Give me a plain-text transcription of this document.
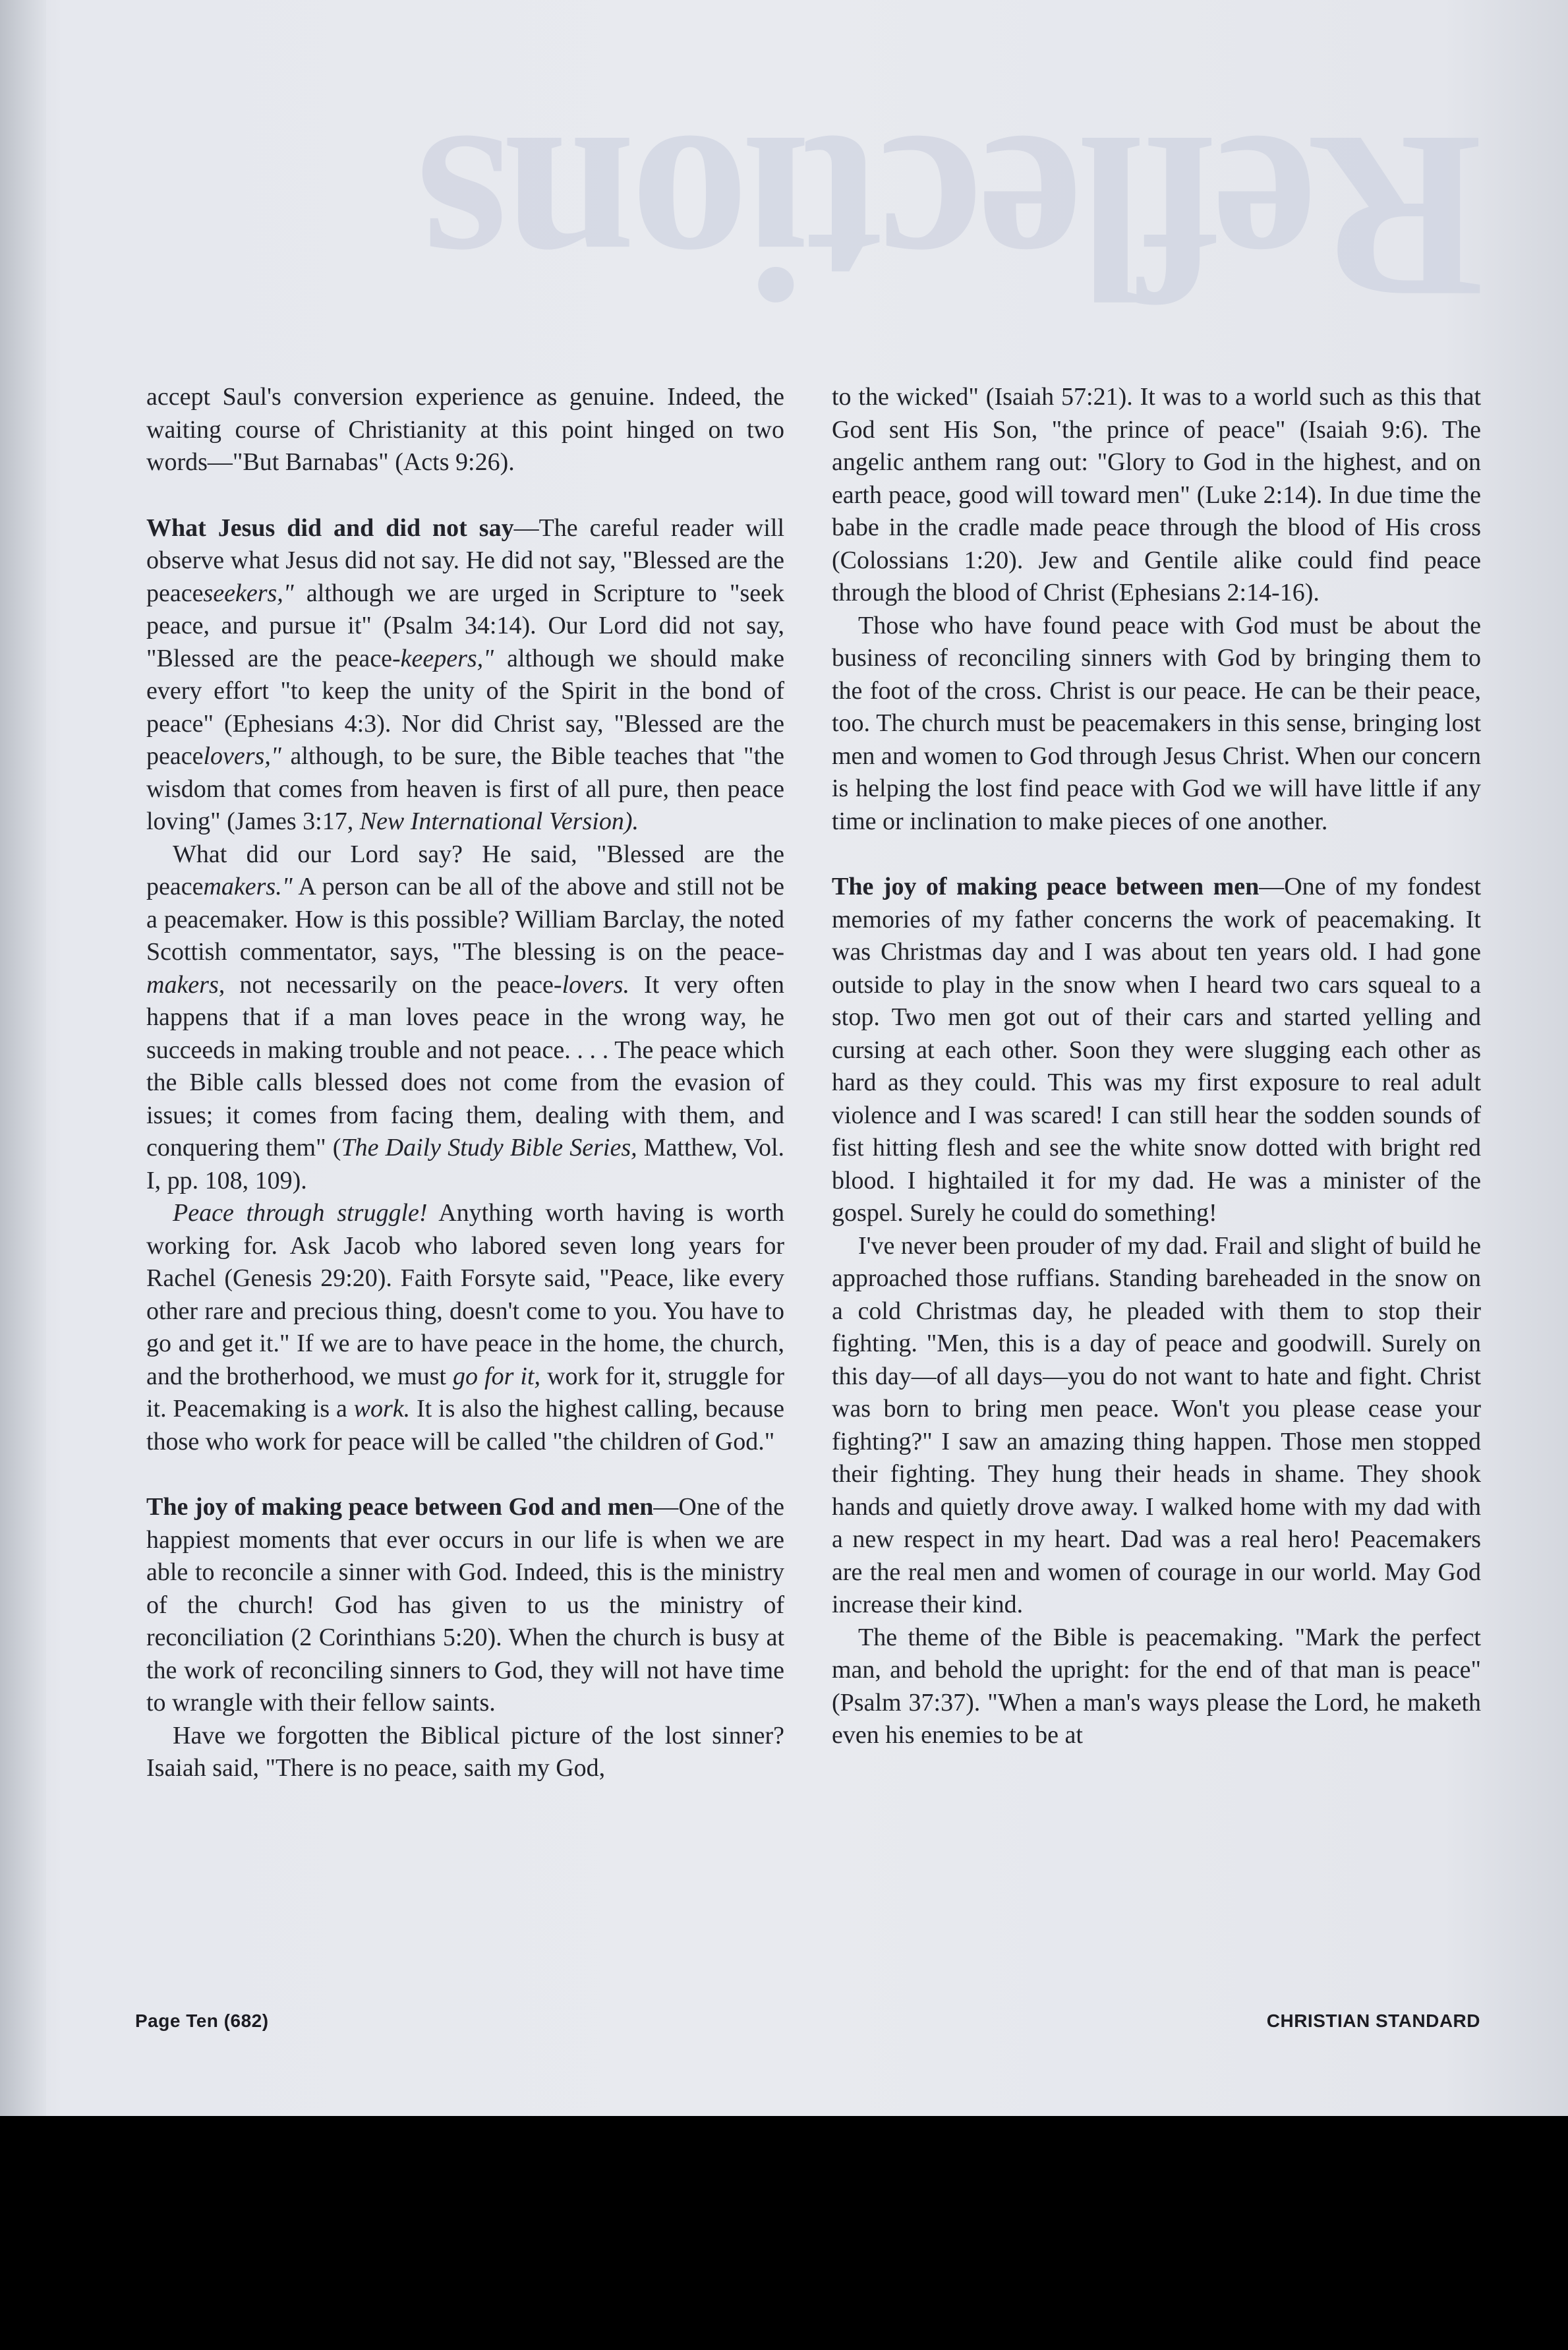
Reflections

accept Saul's conversion experience as genuine. Indeed, the waiting course of Christianity at this point hinged on two words—"But Barnabas" (Acts 9:26).

What Jesus did and did not say—The careful reader will observe what Jesus did not say. He did not say, "Blessed are the peaceseekers," although we are urged in Scripture to "seek peace, and pursue it" (Psalm 34:14). Our Lord did not say, "Blessed are the peace-keepers," although we should make every effort "to keep the unity of the Spirit in the bond of peace" (Ephesians 4:3). Nor did Christ say, "Blessed are the peacelovers," although, to be sure, the Bible teaches that "the wisdom that comes from heaven is first of all pure, then peace loving" (James 3:17, New International Version).

What did our Lord say? He said, "Blessed are the peacemakers." A person can be all of the above and still not be a peacemaker. How is this possible? William Barclay, the noted Scottish commentator, says, "The blessing is on the peace-makers, not necessarily on the peace-lovers. It very often happens that if a man loves peace in the wrong way, he succeeds in making trouble and not peace. . . . The peace which the Bible calls blessed does not come from the evasion of issues; it comes from facing them, dealing with them, and conquering them" (The Daily Study Bible Series, Matthew, Vol. I, pp. 108, 109).

Peace through struggle! Anything worth having is worth working for. Ask Jacob who labored seven long years for Rachel (Genesis 29:20). Faith Forsyte said, "Peace, like every other rare and precious thing, doesn't come to you. You have to go and get it." If we are to have peace in the home, the church, and the brotherhood, we must go for it, work for it, struggle for it. Peacemaking is a work. It is also the highest calling, because those who work for peace will be called "the children of God."

The joy of making peace between God and men—One of the happiest moments that ever occurs in our life is when we are able to reconcile a sinner with God. Indeed, this is the ministry of the church! God has given to us the ministry of reconciliation (2 Corinthians 5:20). When the church is busy at the work of reconciling sinners to God, they will not have time to wrangle with their fellow saints.

Have we forgotten the Biblical picture of the lost sinner? Isaiah said, "There is no peace, saith my God,

to the wicked" (Isaiah 57:21). It was to a world such as this that God sent His Son, "the prince of peace" (Isaiah 9:6). The angelic anthem rang out: "Glory to God in the highest, and on earth peace, good will toward men" (Luke 2:14). In due time the babe in the cradle made peace through the blood of His cross (Colossians 1:20). Jew and Gentile alike could find peace through the blood of Christ (Ephesians 2:14-16).

Those who have found peace with God must be about the business of reconciling sinners with God by bringing them to the foot of the cross. Christ is our peace. He can be their peace, too. The church must be peacemakers in this sense, bringing lost men and women to God through Jesus Christ. When our concern is helping the lost find peace with God we will have little if any time or inclination to make pieces of one another.

The joy of making peace between men—One of my fondest memories of my father concerns the work of peacemaking. It was Christmas day and I was about ten years old. I had gone outside to play in the snow when I heard two cars squeal to a stop. Two men got out of their cars and started yelling and cursing at each other. Soon they were slugging each other as hard as they could. This was my first exposure to real adult violence and I was scared! I can still hear the sodden sounds of fist hitting flesh and see the white snow dotted with bright red blood. I hightailed it for my dad. He was a minister of the gospel. Surely he could do something!

I've never been prouder of my dad. Frail and slight of build he approached those ruffians. Standing bareheaded in the snow on a cold Christmas day, he pleaded with them to stop their fighting. "Men, this is a day of peace and goodwill. Surely on this day—of all days—you do not want to hate and fight. Christ was born to bring men peace. Won't you please cease your fighting?" I saw an amazing thing happen. Those men stopped their fighting. They hung their heads in shame. They shook hands and quietly drove away. I walked home with my dad with a new respect in my heart. Dad was a real hero! Peacemakers are the real men and women of courage in our world. May God increase their kind.

The theme of the Bible is peacemaking. "Mark the perfect man, and behold the upright: for the end of that man is peace" (Psalm 37:37). "When a man's ways please the Lord, he maketh even his enemies to be at

Page Ten (682)	CHRISTIAN STANDARD
